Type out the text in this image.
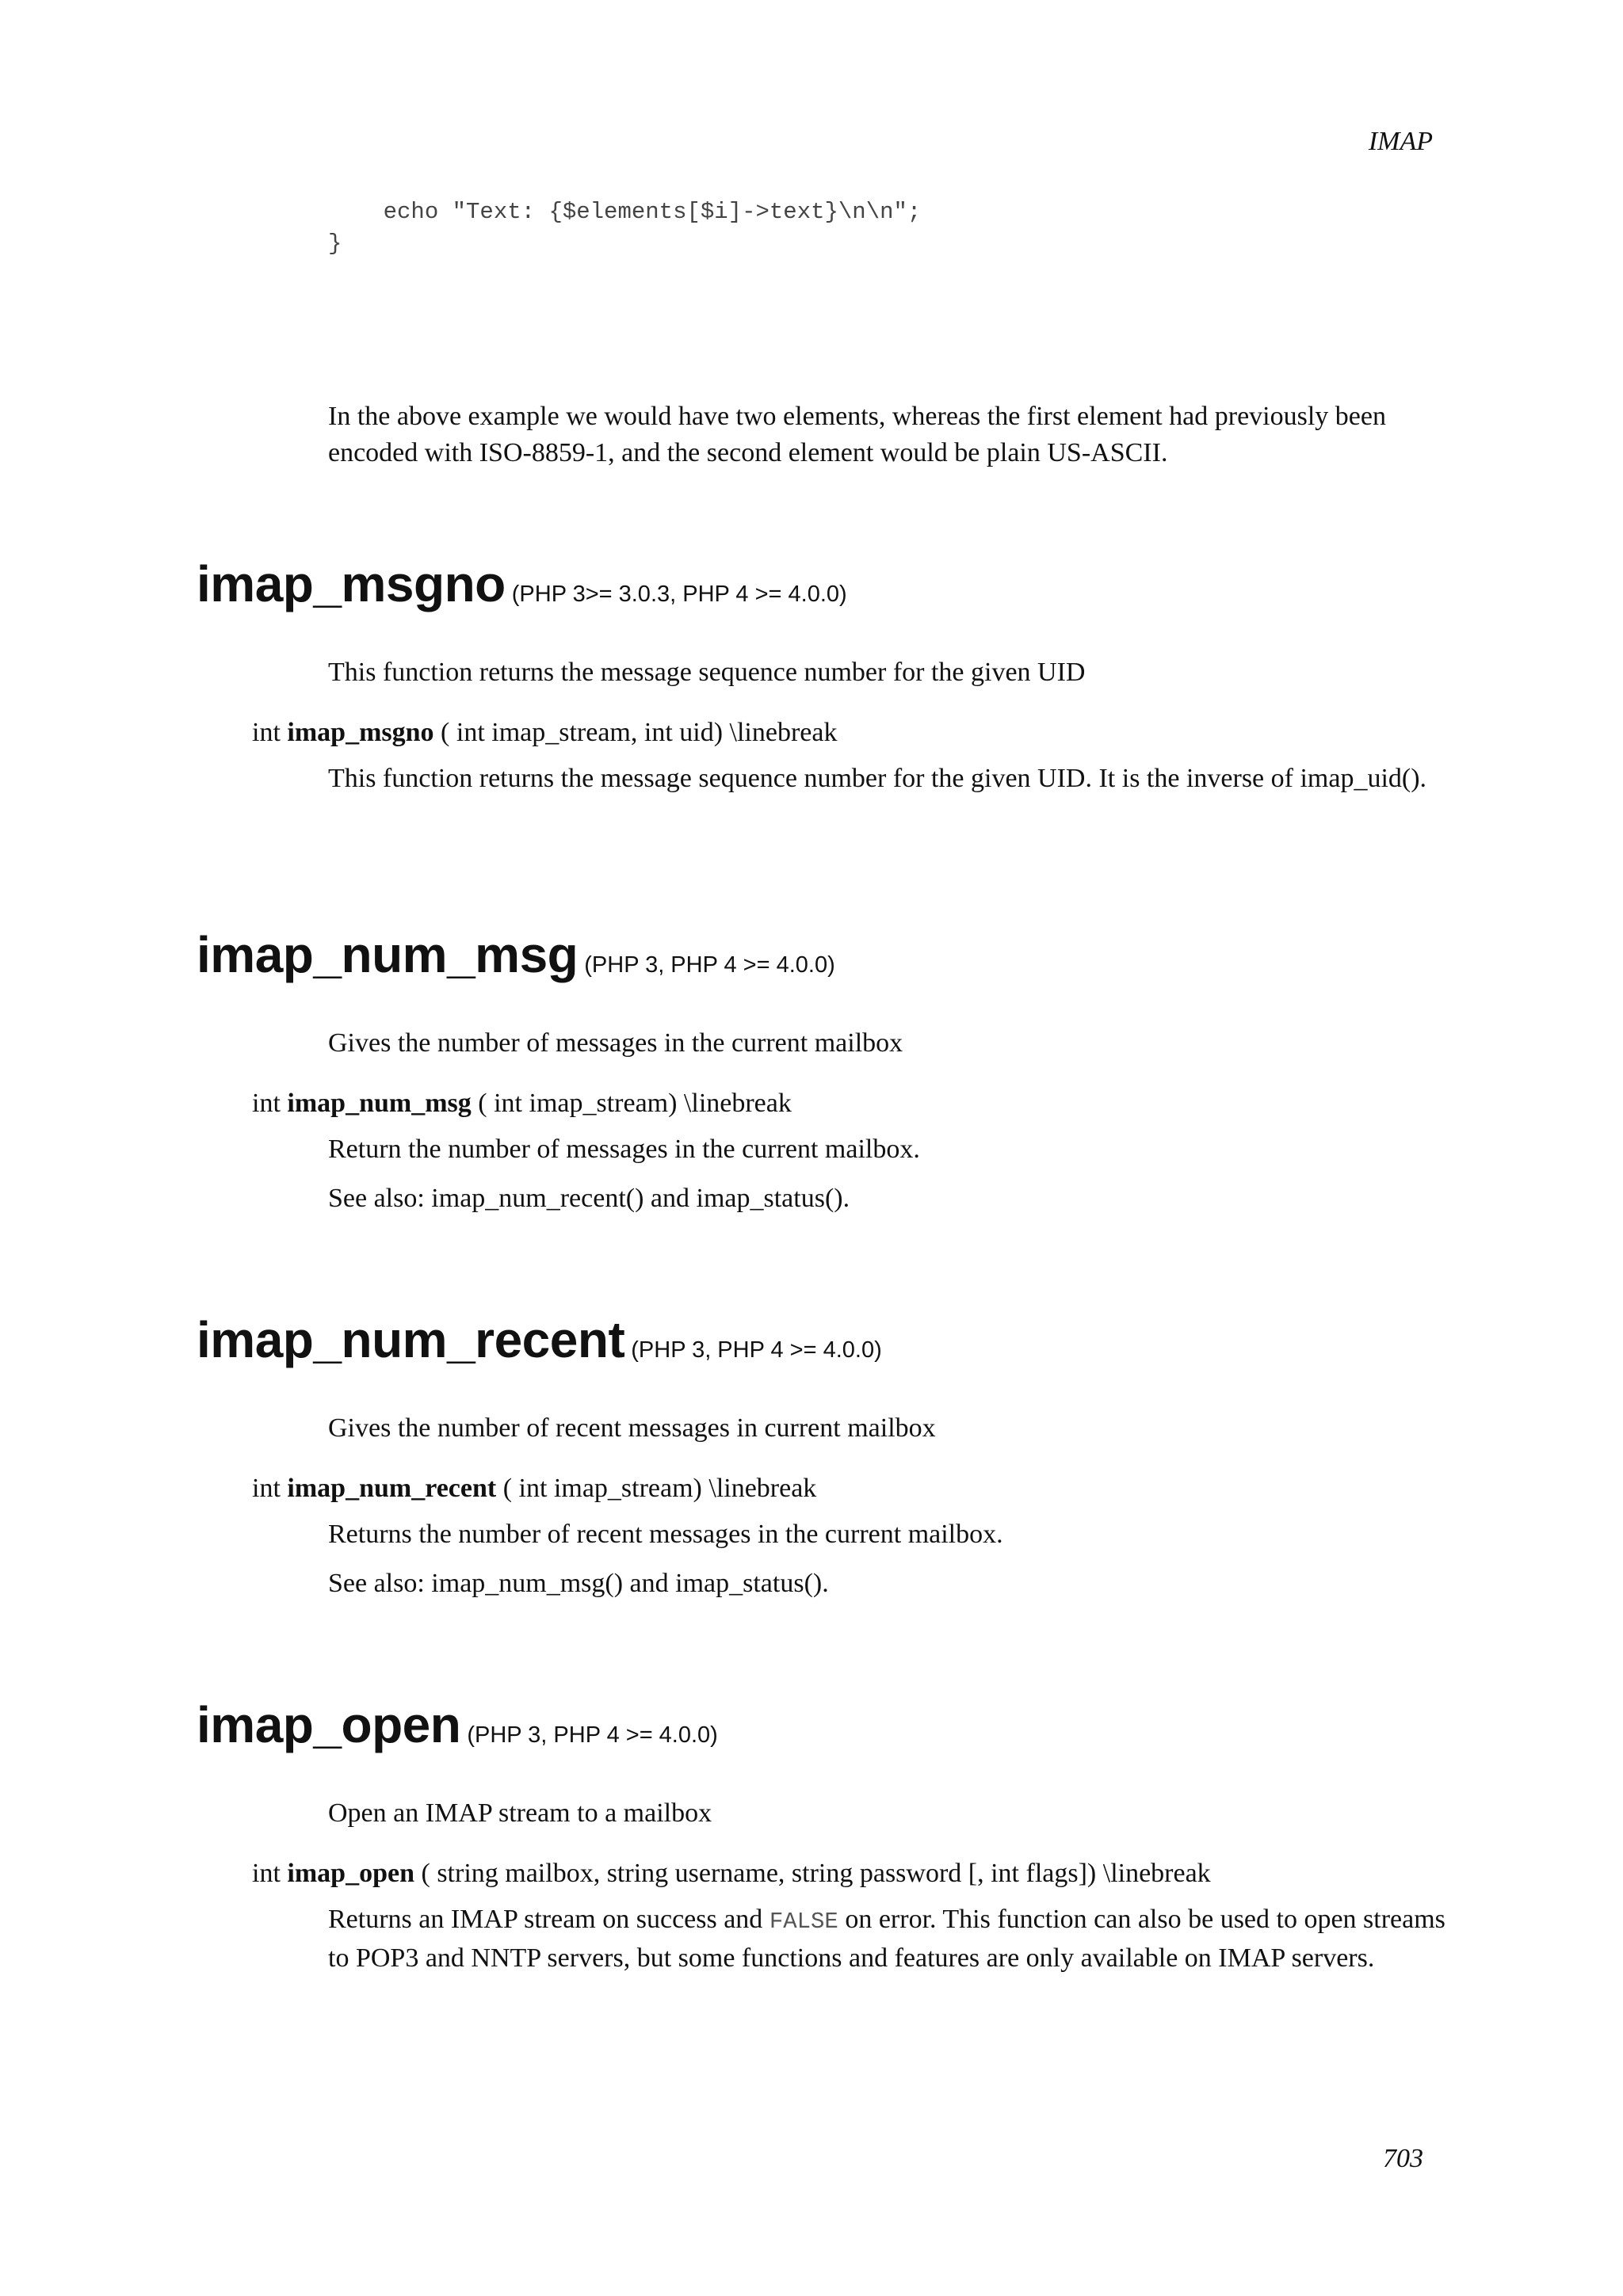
IMAP
echo "Text: {$elements[$i]->text}\n\n";
}

In the above example we would have two elements, whereas the first element had previously been encoded with ISO-8859-1, and the second element would be plain US-ASCII.

imap_msgno (PHP 3>= 3.0.3, PHP 4 >= 4.0.0)

This function returns the message sequence number for the given UID

int imap_msgno ( int imap_stream, int uid) \linebreak

This function returns the message sequence number for the given UID. It is the inverse of imap_uid().

imap_num_msg (PHP 3, PHP 4 >= 4.0.0)

Gives the number of messages in the current mailbox

int imap_num_msg ( int imap_stream) \linebreak

Return the number of messages in the current mailbox.

See also: imap_num_recent() and imap_status().

imap_num_recent (PHP 3, PHP 4 >= 4.0.0)

Gives the number of recent messages in current mailbox

int imap_num_recent ( int imap_stream) \linebreak

Returns the number of recent messages in the current mailbox.

See also: imap_num_msg() and imap_status().

imap_open (PHP 3, PHP 4 >= 4.0.0)

Open an IMAP stream to a mailbox

int imap_open ( string mailbox, string username, string password [, int flags]) \linebreak

Returns an IMAP stream on success and FALSE on error. This function can also be used to open streams to POP3 and NNTP servers, but some functions and features are only available on IMAP servers.

703
